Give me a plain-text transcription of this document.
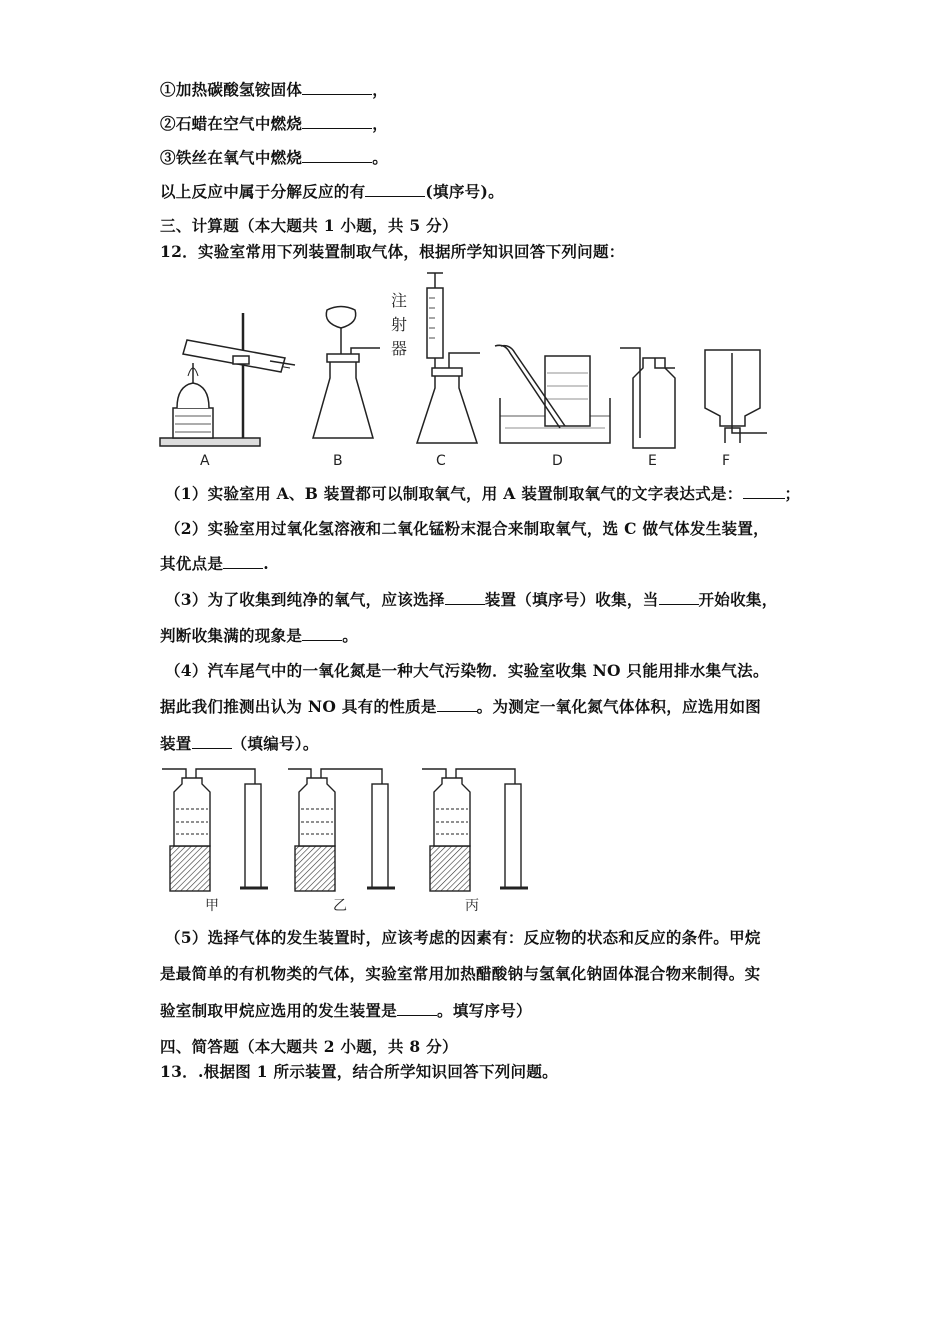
①加热碳酸氢铵固体	，
②石蜡在空气中燃烧	，
③铁丝在氧气中燃烧	。
以上反应中属于分解反应的有	(填序号)。
三、计算题（本大题共 1 小题，共 5 分）
12．实验室常用下列装置制取气体，根据所学知识回答下列问题：
A	B	C	D	E	F
注
射
器
（1）实验室用 A、B 装置都可以制取氧气，用 A 装置制取氧气的文字表达式是：	；
（2）实验室用过氧化氢溶液和二氧化锰粉末混合来制取氧气，选 C 做气体发生装置，
其优点是	.
（3）为了收集到纯净的氧气，应该选择	装置（填序号）收集，当	开始收集，
判断收集满的现象是	。
（4）汽车尾气中的一氧化氮是一种大气污染物．实验室收集 NO 只能用排水集气法。
据此我们推测出认为 NO 具有的性质是	。为测定一氧化氮气体体积，应选用如图
装置	（填编号）。
甲	乙	丙
（5）选择气体的发生装置时，应该考虑的因素有：反应物的状态和反应的条件。甲烷
是最简单的有机物类的气体，实验室常用加热醋酸钠与氢氧化钠固体混合物来制得。实
验室制取甲烷应选用的发生装置是	。填写序号）
四、简答题（本大题共 2 小题，共 8 分）
13．.根据图 1 所示装置，结合所学知识回答下列问题。
